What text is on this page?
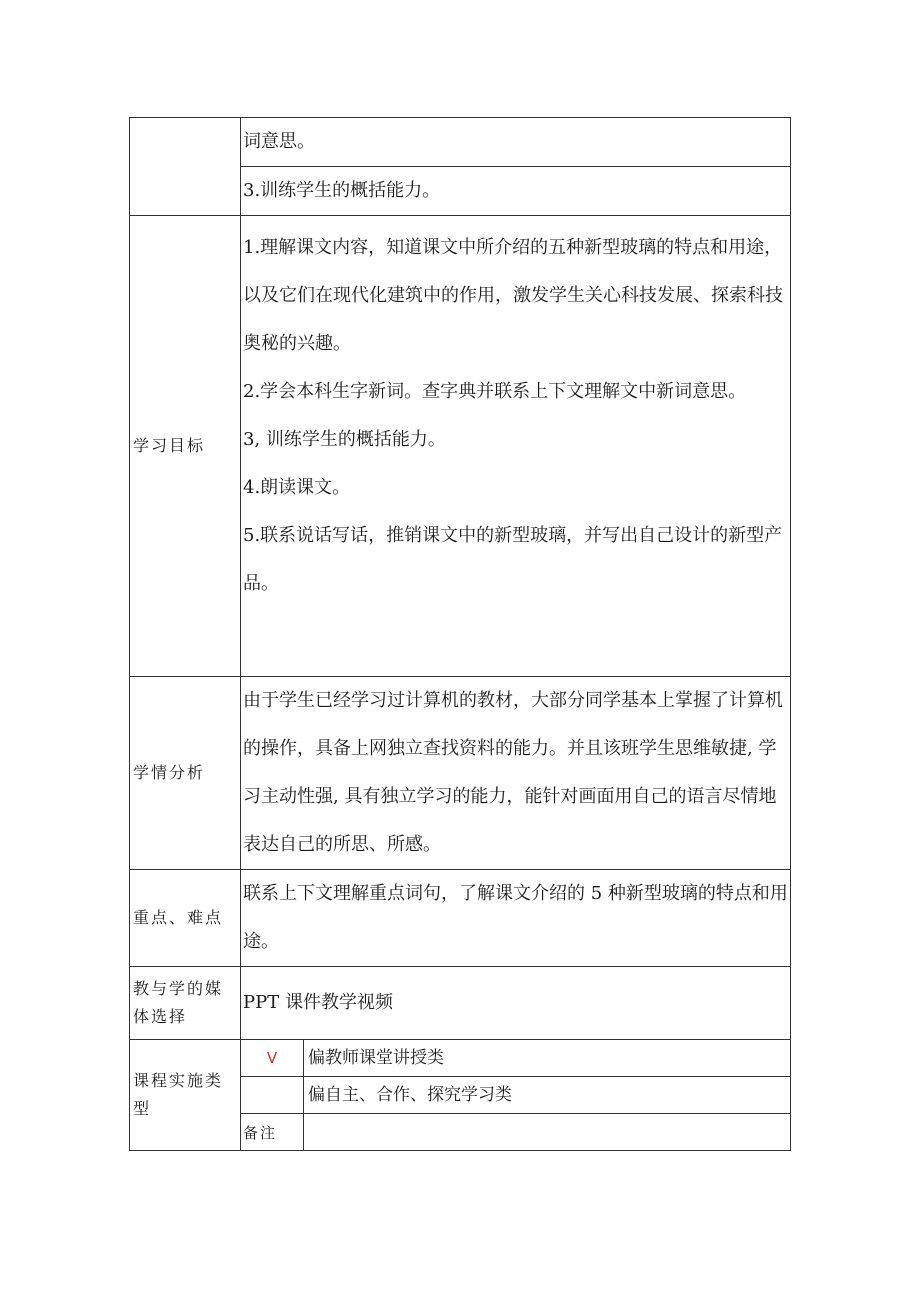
	词意思。	

	3.训练学生的概括能力。	

学习目标	1.理解课文内容，知道课文中所介绍的五种新型玻璃的特点和用途，以及它们在现代化建筑中的作用，激发学生关心科技发展、探索科技奥秘的兴趣。

2.学会本科生字新词。查字典并联系上下文理解文中新词意思。

3, 训练学生的概括能力。

4.朗读课文。

5.联系说话写话，推销课文中的新型玻璃，并写出自己设计的新型产品。	

学情分析	由于学生已经学习过计算机的教材，大部分同学基本上掌握了计算机的操作，具备上网独立查找资料的能力。并且该班学生思维敏捷, 学习主动性强, 具有独立学习的能力，能针对画面用自己的语言尽情地表达自己的所思、所感。	
重点、难点	联系上下文理解重点词句，了解课文介绍的 5 种新型玻璃的特点和用途。	
教与学的媒体选择	PPT 课件教学视频	
课程实施类型	V	偏教师课堂讲授类
		偏自主、合作、探究学习类
	备注	
